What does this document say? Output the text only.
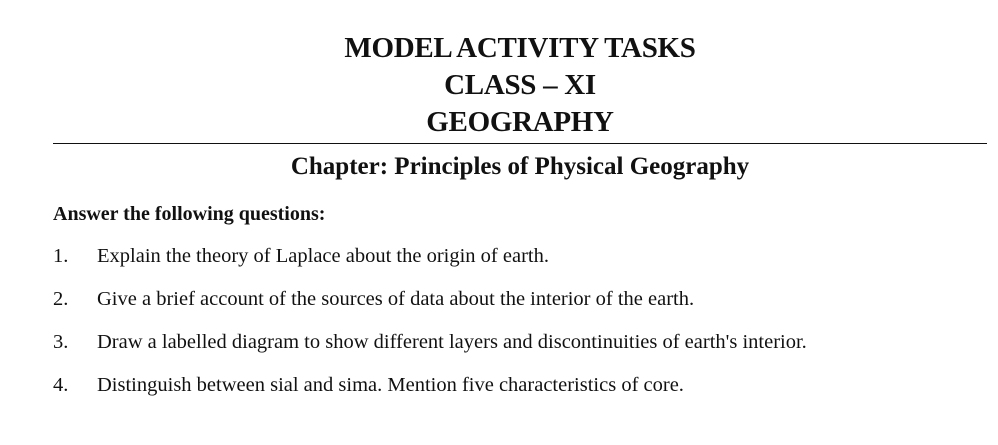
MODEL ACTIVITY TASKS
CLASS – XI
GEOGRAPHY
Chapter: Principles of Physical Geography
Answer the following questions:
1.	Explain the theory of Laplace about the origin of earth.
2.	Give a brief account of the sources of data about the interior of the earth.
3.	Draw a labelled diagram to show different layers and discontinuities of earth's interior.
4.	Distinguish between sial and sima. Mention five characteristics of core.
